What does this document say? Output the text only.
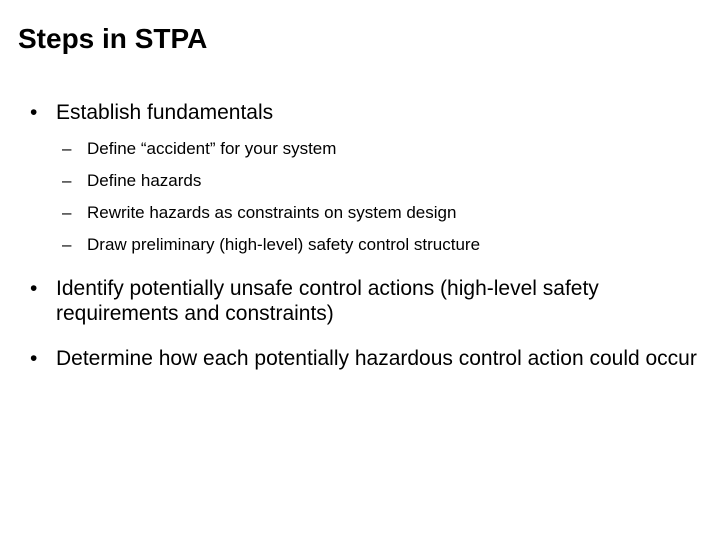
Steps in STPA
• Establish fundamentals
– Define “accident” for your system
– Define hazards
– Rewrite hazards as constraints on system design
– Draw preliminary (high-level) safety control structure
• Identify potentially unsafe control actions (high-level safety requirements and constraints)
• Determine how each potentially hazardous control action could occur
